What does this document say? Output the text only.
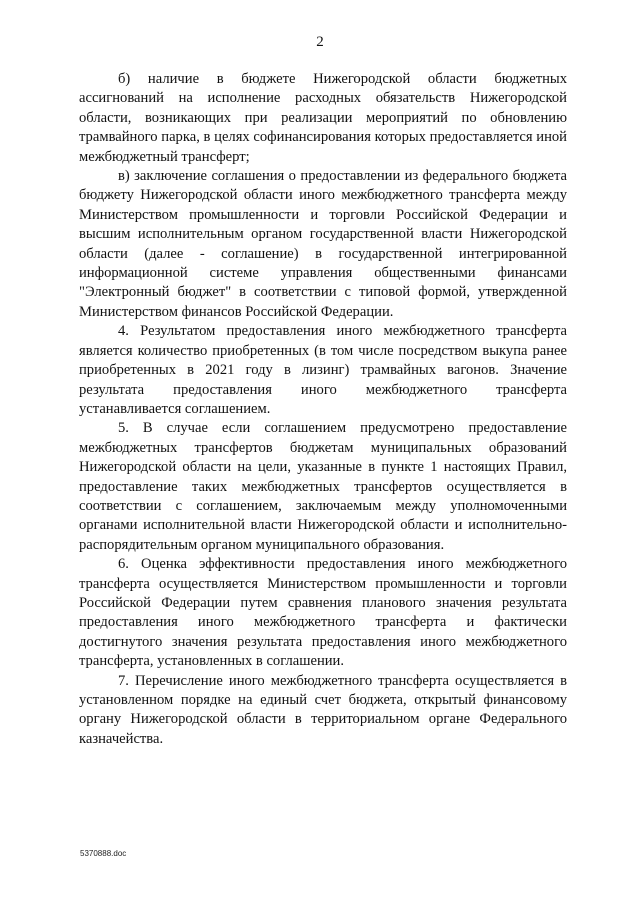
2

б) наличие в бюджете Нижегородской области бюджетных ассигнований на исполнение расходных обязательств Нижегородской области, возникающих при реализации мероприятий по обновлению трамвайного парка, в целях софинансирования которых предоставляется иной межбюджетный трансферт;

в) заключение соглашения о предоставлении из федерального бюджета бюджету Нижегородской области иного межбюджетного трансферта между Министерством промышленности и торговли Российской Федерации и высшим исполнительным органом государственной власти Нижегородской области (далее - соглашение) в государственной интегрированной информационной системе управления общественными финансами "Электронный бюджет" в соответствии с типовой формой, утвержденной Министерством финансов Российской Федерации.

4. Результатом предоставления иного межбюджетного трансферта является количество приобретенных (в том числе посредством выкупа ранее приобретенных в 2021 году в лизинг) трамвайных вагонов. Значение результата предоставления иного межбюджетного трансферта устанавливается соглашением.

5. В случае если соглашением предусмотрено предоставление межбюджетных трансфертов бюджетам муниципальных образований Нижегородской области на цели, указанные в пункте 1 настоящих Правил, предоставление таких межбюджетных трансфертов осуществляется в соответствии с соглашением, заключаемым между уполномоченными органами исполнительной власти Нижегородской области и исполнительно-распорядительным органом муниципального образования.

6. Оценка эффективности предоставления иного межбюджетного трансферта осуществляется Министерством промышленности и торговли Российской Федерации путем сравнения планового значения результата предоставления иного межбюджетного трансферта и фактически достигнутого значения результата предоставления иного межбюджетного трансферта, установленных в соглашении.

7. Перечисление иного межбюджетного трансферта осуществляется в установленном порядке на единый счет бюджета, открытый финансовому органу Нижегородской области в территориальном органе Федерального казначейства.

5370888.doc
